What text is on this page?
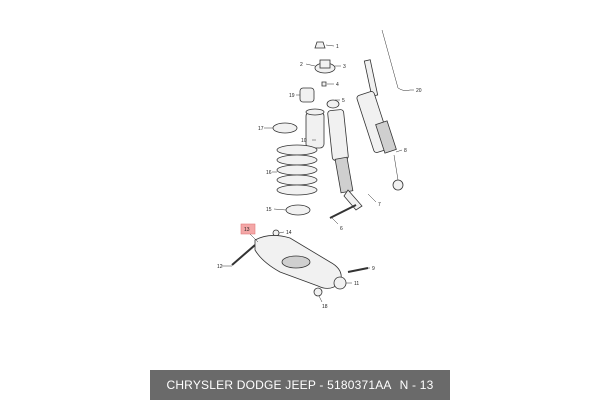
1
2	3
4
5
6
7
8
9
10
11
12
13	14
15
16
17
18
19
20
CHRYSLER DODGE JEEP - 5180371AA N - 13
